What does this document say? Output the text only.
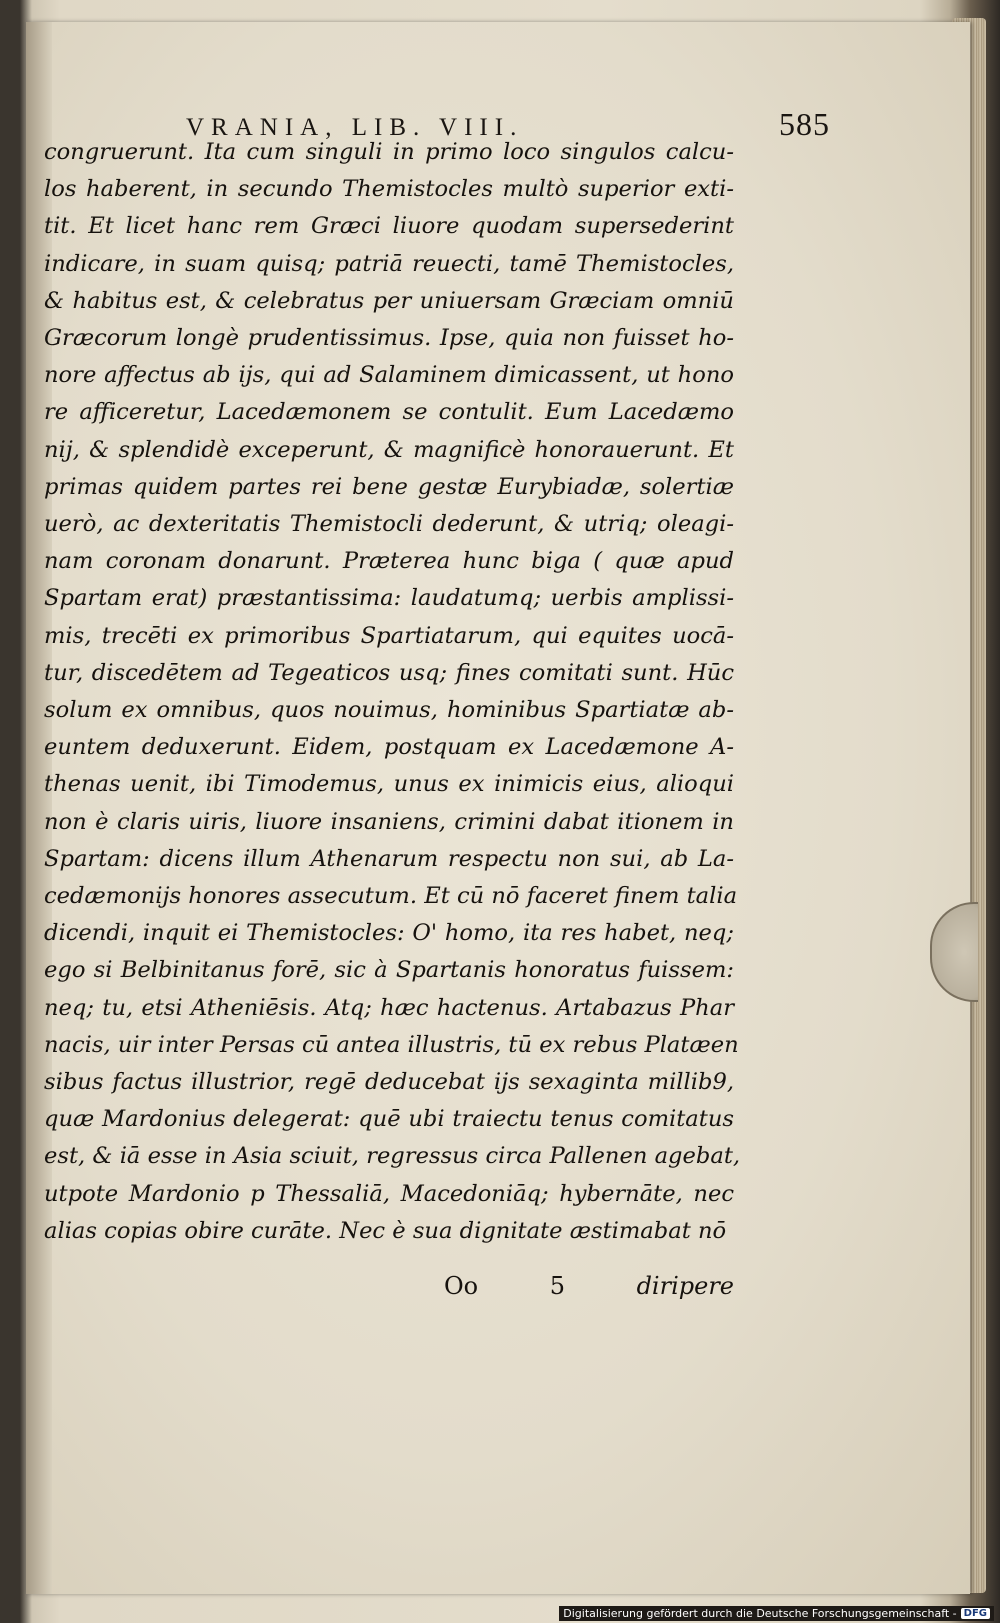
VRANIA, LIB. VIII.	585
congruerunt. Ita cum singuli in primo loco singulos calcu-
los haberent, in secundo Themistocles multò superior exti-
tit. Et licet hanc rem Græci liuore quodam supersederint
indicare, in suam quisq; patriā reuecti, tamē Themistocles,
& habitus est, & celebratus per uniuersam Græciam omniū
Græcorum longè prudentissimus. Ipse, quia non fuisset ho-
nore affectus ab ijs, qui ad Salaminem dimicassent, ut hono
re afficeretur, Lacedæmonem se contulit. Eum Lacedæmo
nij, & splendidè exceperunt, & magnificè honorauerunt. Et
primas quidem partes rei bene gestæ Eurybiadæ, solertiæ
uerò, ac dexteritatis Themistocli dederunt, & utriq; oleagi-
nam coronam donarunt. Præterea hunc biga ( quæ apud
Spartam erat) præstantissima: laudatumq; uerbis amplissi-
mis, trecēti ex primoribus Spartiatarum, qui equites uocā-
tur, discedētem ad Tegeaticos usq; fines comitati sunt. Hūc
solum ex omnibus, quos nouimus, hominibus Spartiatæ ab-
euntem deduxerunt. Eidem, postquam ex Lacedæmone A-
thenas uenit, ibi Timodemus, unus ex inimicis eius, alioqui
non è claris uiris, liuore insaniens, crimini dabat itionem in
Spartam: dicens illum Athenarum respectu non sui, ab La-
cedæmonijs honores assecutum. Et cū nō faceret finem talia
dicendi, inquit ei Themistocles: O' homo, ita res habet, neq;
ego si Belbinitanus forē, sic à Spartanis honoratus fuissem:
neq; tu, etsi Atheniēsis. Atq; hæc hactenus. Artabazus Phar
nacis, uir inter Persas cū antea illustris, tū ex rebus Platæen
sibus factus illustrior, regē deducebat ijs sexaginta millib9,
quæ Mardonius delegerat: quē ubi traiectu tenus comitatus
est, & iā esse in Asia sciuit, regressus circa Pallenen agebat,
utpote Mardonio p Thessaliā, Macedoniāq; hybernāte, nec
alias copias obire curāte. Nec è sua dignitate æstimabat nō
Oo	5	diripere
Digitalisierung gefördert durch die Deutsche Forschungsgemeinschaft - DFG
